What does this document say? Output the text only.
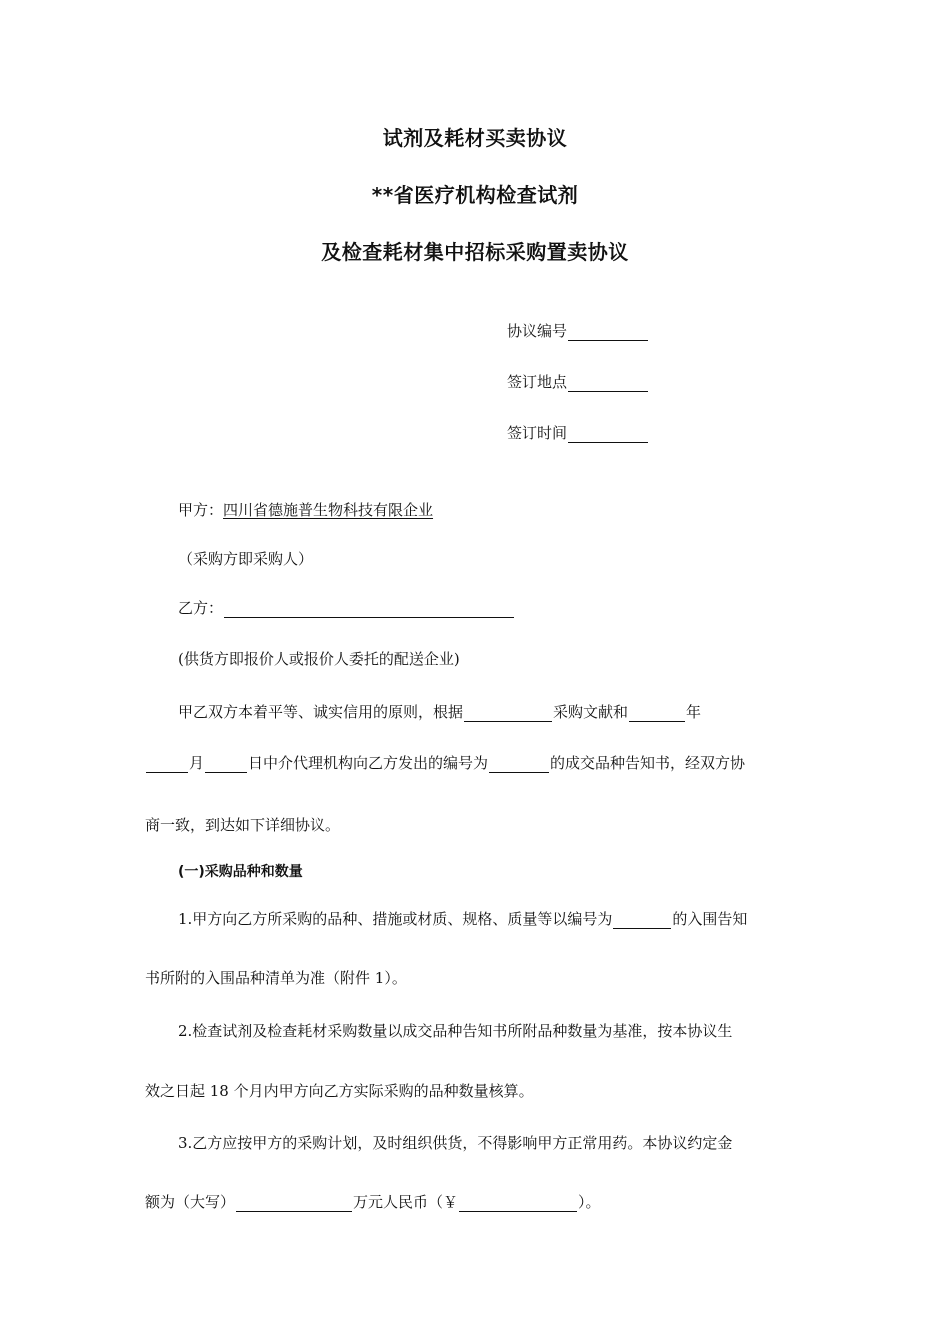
试剂及耗材买卖协议
**省医疗机构检查试剂
及检查耗材集中招标采购置卖协议
协议编号
签订地点
签订时间
甲方：四川省德施普生物科技有限企业
（采购方即采购人）
乙方：
(供货方即报价人或报价人委托的配送企业)
甲乙双方本着平等、诚实信用的原则，根据	采购文献和	年
月	日中介代理机构向乙方发出的编号为	的成交品种告知书，经双方协
商一致，到达如下详细协议。
(一)采购品种和数量
1.甲方向乙方所采购的品种、措施或材质、规格、质量等以编号为	的入围告知
书所附的入围品种清单为准（附件 1）。
2.检查试剂及检查耗材采购数量以成交品种告知书所附品种数量为基准，按本协议生
效之日起 18 个月内甲方向乙方实际采购的品种数量核算。
3.乙方应按甲方的采购计划，及时组织供货，不得影响甲方正常用药。本协议约定金
额为（大写）	万元人民币（￥	）。
